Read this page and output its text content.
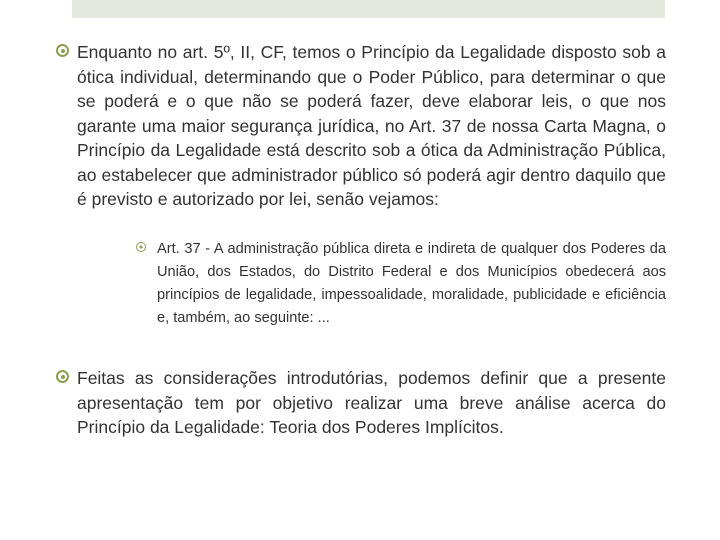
Enquanto no art. 5º, II, CF, temos o Princípio da Legalidade disposto sob a ótica individual, determinando que o Poder Público, para determinar o que se poderá e o que não se poderá fazer, deve elaborar leis, o que nos garante uma maior segurança jurídica, no Art. 37 de nossa Carta Magna, o Princípio da Legalidade está descrito sob a ótica da Administração Pública, ao estabelecer que administrador público só poderá agir dentro daquilo que é previsto e autorizado por lei, senão vejamos:
Art. 37 - A administração pública direta e indireta de qualquer dos Poderes da União, dos Estados, do Distrito Federal e dos Municípios obedecerá aos princípios de legalidade, impessoalidade, moralidade, publicidade e eficiência e, também, ao seguinte: ...
Feitas as considerações introdutórias, podemos definir que a presente apresentação tem por objetivo realizar uma breve análise acerca do Princípio da Legalidade: Teoria dos Poderes Implícitos.
